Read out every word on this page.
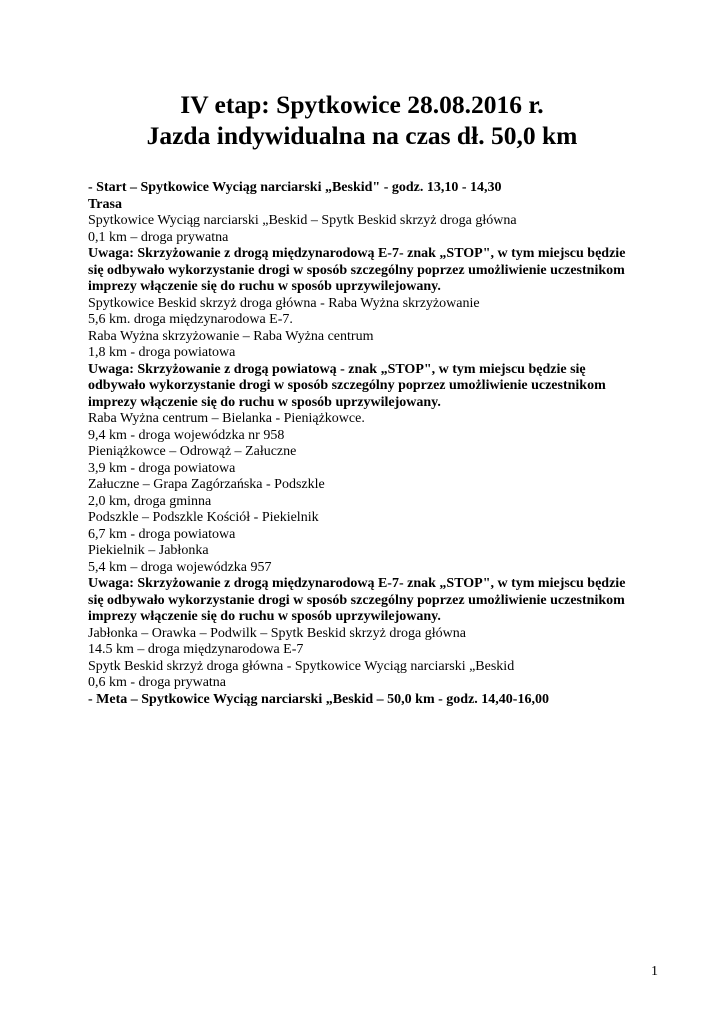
IV etap: Spytkowice 28.08.2016 r.
Jazda indywidualna na czas dł. 50,0 km
- Start – Spytkowice Wyciąg narciarski „Beskid" - godz. 13,10 - 14,30
Trasa
Spytkowice Wyciąg narciarski „Beskid – Spytk Beskid skrzyż droga główna
0,1 km – droga prywatna
Uwaga: Skrzyżowanie z drogą międzynarodową E-7- znak „STOP", w tym miejscu będzie
się odbywało wykorzystanie drogi w sposób szczególny poprzez umożliwienie uczestnikom
imprezy włączenie się do ruchu w sposób uprzywilejowany.
Spytkowice Beskid skrzyż droga główna - Raba Wyżna skrzyżowanie
5,6 km. droga międzynarodowa E-7.
Raba Wyżna skrzyżowanie – Raba Wyżna centrum
1,8 km - droga powiatowa
Uwaga: Skrzyżowanie z drogą powiatową - znak „STOP", w tym miejscu będzie się
odbywało wykorzystanie drogi w sposób szczególny poprzez umożliwienie uczestnikom
imprezy włączenie się do ruchu w sposób uprzywilejowany.
Raba Wyżna centrum – Bielanka - Pieniążkowce.
9,4 km - droga wojewódzka nr 958
Pieniążkowce – Odrowąż – Załuczne
3,9 km - droga powiatowa
Załuczne – Grapa Zagórzańska - Podszkle
2,0 km, droga gminna
Podszkle – Podszkle Kościół - Piekielnik
6,7 km - droga powiatowa
Piekielnik – Jabłonka
5,4 km – droga wojewódzka 957
Uwaga: Skrzyżowanie z drogą międzynarodową E-7- znak „STOP", w tym miejscu będzie
się odbywało wykorzystanie drogi w sposób szczególny poprzez umożliwienie uczestnikom
imprezy włączenie się do ruchu w sposób uprzywilejowany.
Jabłonka – Orawka – Podwilk – Spytk Beskid skrzyż droga główna
14.5 km – droga międzynarodowa E-7
Spytk Beskid skrzyż droga główna - Spytkowice Wyciąg narciarski „Beskid
0,6 km - droga prywatna
- Meta – Spytkowice Wyciąg narciarski „Beskid – 50,0 km - godz. 14,40-16,00
1
